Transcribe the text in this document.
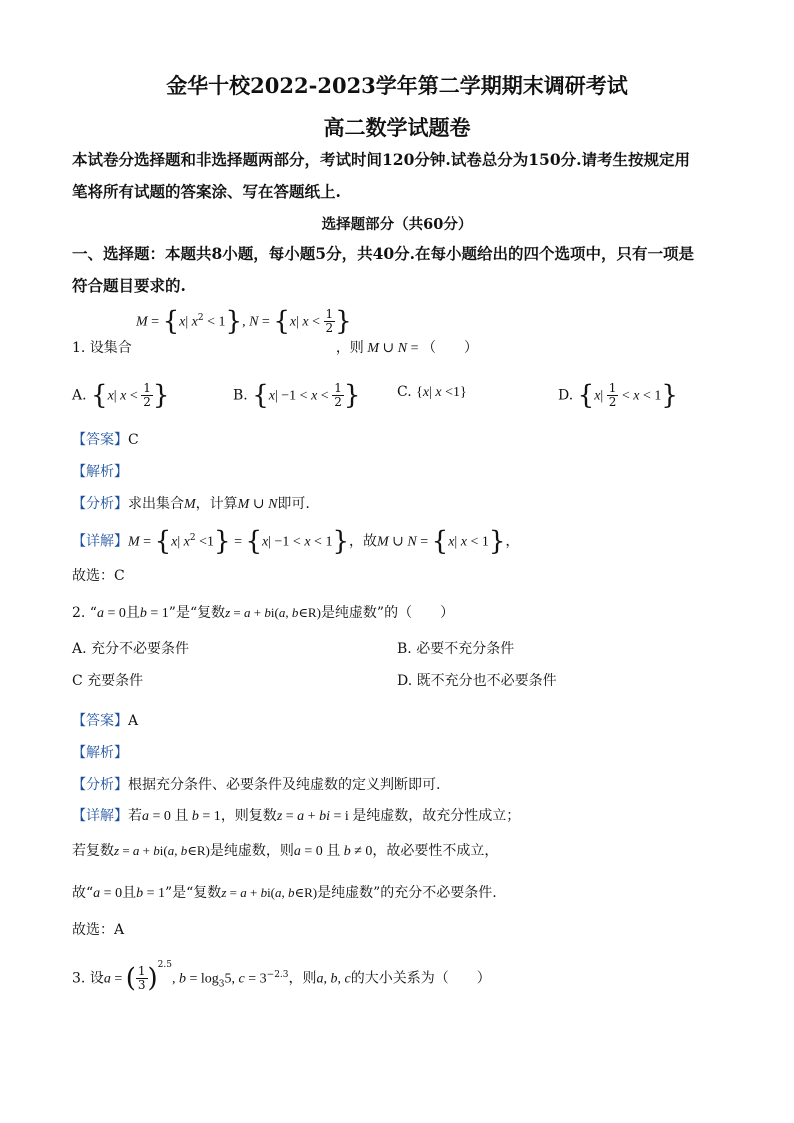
金华十校2022-2023学年第二学期期末调研考试
高二数学试题卷
本试卷分选择题和非选择题两部分，考试时间120分钟.试卷总分为150分.请考生按规定用
笔将所有试题的答案涂、写在答题纸上.
选择题部分（共60分）
一、选择题：本题共8小题，每小题5分，共40分.在每小题给出的四个选项中，只有一项是
符合题目要求的.
M = {x| $x^2 < 1$}, N = {x| $x < \frac{1}{2}$ }
1. 设集合	，则 M ∪ N = （　　）
A. {x| $x < \frac{1}{2}$ }	B. {$x| -1 < x < \frac{1}{2}$ }	C. {x| x <1}	D. $\{x| \frac{1}{2} < x < 1\}$
【答案】C
【解析】
【分析】求出集合M，计算M ∪ N即可.
【详解】M = {x| $x^2 <1\} = \{x| -1 < x < 1\}$，故M ∪ N = {x| x < 1}，
故选：C
2. “a = 0且b = 1”是“复数z = a + bi(a, b∈R)是纯虚数”的（　　）
A. 充分不必要条件	B. 必要不充分条件
C 充要条件	D. 既不充分也不必要条件
【答案】A
【解析】
【分析】根据充分条件、必要条件及纯虚数的定义判断即可.
【详解】若a = 0 且 b = 1，则复数z = a + bi = i 是纯虚数，故充分性成立；
若复数z = a + bi(a, b∈R)是纯虚数，则a = 0 且 b ≠ 0，故必要性不成立，
故“a = 0且b = 1”是“复数z = a + bi(a, b∈R)是纯虚数”的充分不必要条件.
故选：A
3. 设a = ( $\frac{1}{3} )^{2.5}$, $b = \log_35$, $c = 3^{-2.3}$，则a, b, c的大小关系为（　　）
